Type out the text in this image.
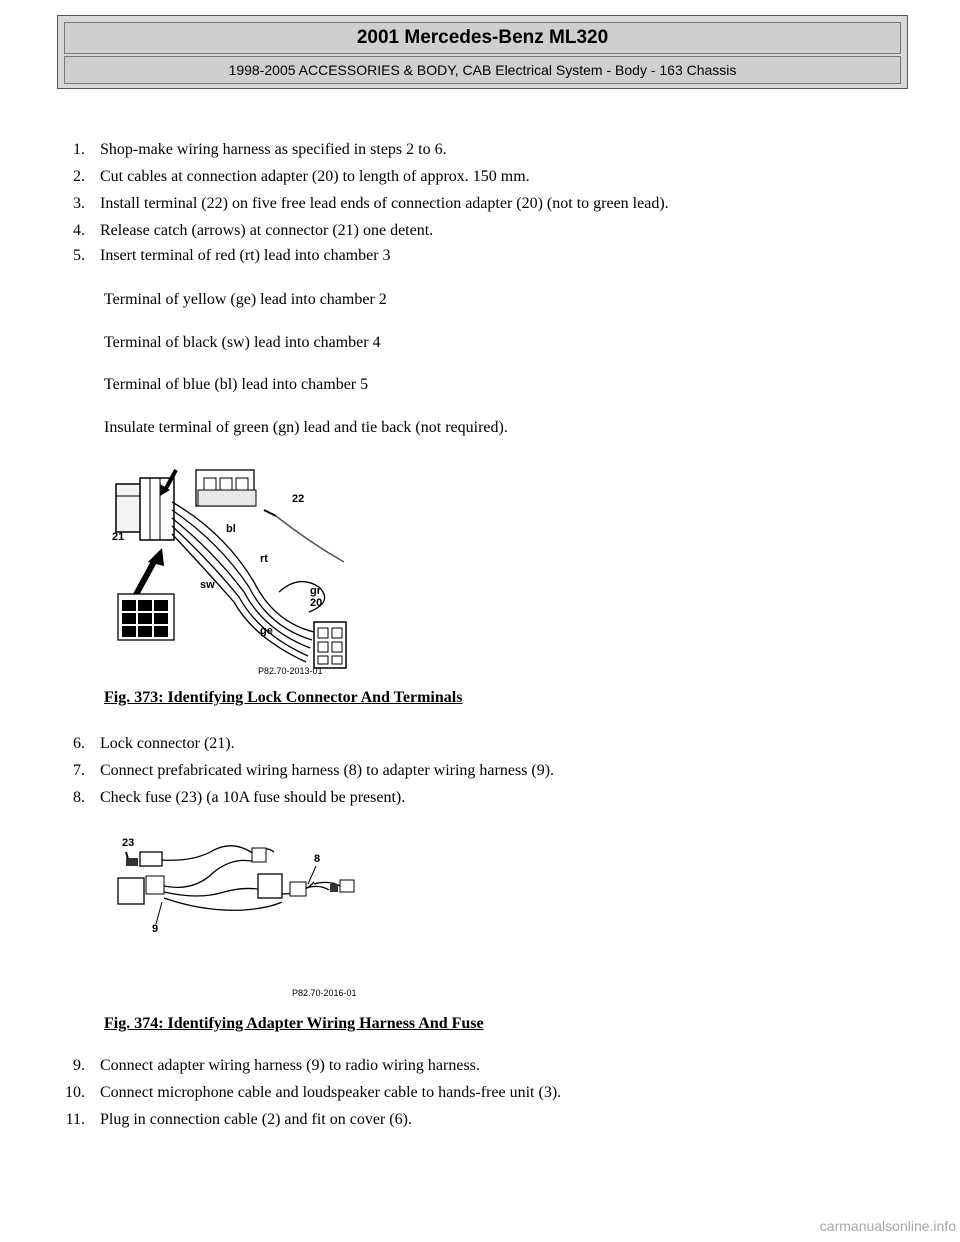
2001 Mercedes-Benz ML320
1998-2005 ACCESSORIES & BODY, CAB Electrical System - Body - 163 Chassis
1. Shop-make wiring harness as specified in steps 2 to 6.
2. Cut cables at connection adapter (20) to length of approx. 150 mm.
3. Install terminal (22) on five free lead ends of connection adapter (20) (not to green lead).
4. Release catch (arrows) at connector (21) one detent.
5. Insert terminal of red (rt) lead into chamber 3
Terminal of yellow (ge) lead into chamber 2
Terminal of black (sw) lead into chamber 4
Terminal of blue (bl) lead into chamber 5
Insulate terminal of green (gn) lead and tie back (not required).
21
22
bl
rt
sw	gr
20
ge
P82.70-2013-01
Fig. 373: Identifying Lock Connector And Terminals
6. Lock connector (21).
7. Connect prefabricated wiring harness (8) to adapter wiring harness (9).
8. Check fuse (23) (a 10A fuse should be present).
23
8
9
P82.70-2016-01
Fig. 374: Identifying Adapter Wiring Harness And Fuse
9. Connect adapter wiring harness (9) to radio wiring harness.
10. Connect microphone cable and loudspeaker cable to hands-free unit (3).
11. Plug in connection cable (2) and fit on cover (6).
carmanualsonline.info
